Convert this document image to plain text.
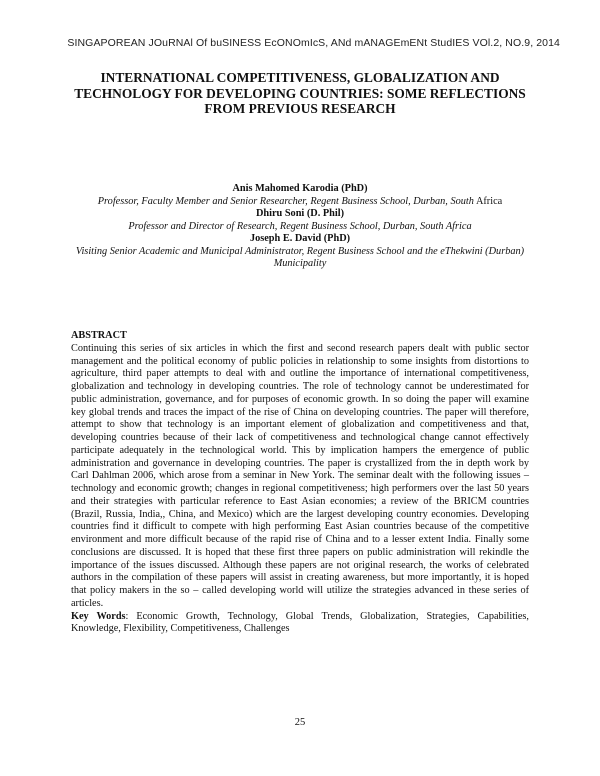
SINGAPOREAN JOuRNAl Of buSINESS EcONOmIcS, ANd mANAGEmENt StudIES VOl.2, NO.9, 2014
INTERNATIONAL COMPETITIVENESS, GLOBALIZATION AND TECHNOLOGY FOR DEVELOPING COUNTRIES: SOME REFLECTIONS FROM PREVIOUS RESEARCH
Anis Mahomed Karodia (PhD)
Professor, Faculty Member and Senior Researcher, Regent Business School, Durban, South Africa
Dhiru Soni (D. Phil)
Professor and Director of Research, Regent Business School, Durban, South Africa
Joseph E. David (PhD)
Visiting Senior Academic and Municipal Administrator, Regent Business School and the eThekwini (Durban) Municipality

ABSTRACT

Continuing this series of six articles in which the first and second research papers dealt with public sector management and the political economy of public policies in relationship to some insights from distortions to agriculture, third paper attempts to deal with and outline the importance of international competitiveness, globalization and technology in developing countries. The role of technology cannot be underestimated for public administration, governance, and for purposes of economic growth. In so doing the paper will examine key global trends and traces the impact of the rise of China on developing countries. The paper will therefore, attempt to show that technology is an important element of globalization and competitiveness and that, developing countries because of their lack of competitiveness and technological change cannot effectively participate adequately in the technological world. This by implication hampers the emergence of public administration and governance in developing countries. The paper is crystallized from the in depth work by Carl Dahlman 2006, which arose from a seminar in New York. The seminar dealt with the following issues – technology and economic growth; changes in regional competitiveness; high performers over the last 50 years and their strategies with particular reference to East Asian economies; a review of the BRICM countries (Brazil, Russia, India,, China, and Mexico) which are the largest developing country economies. Developing countries find it difficult to compete with high performing East Asian countries because of the competitive environment and more difficult because of the rapid rise of China and to a lesser extent India. Finally some conclusions are discussed. It is hoped that these first three papers on public administration will rekindle the importance of the issues discussed. Although these papers are not original research, the works of celebrated authors in the compilation of these papers will assist in creating awareness, but more importantly, it is hoped that policy makers in the so – called developing world will utilize the strategies advanced in these series of articles.

Key Words: Economic Growth, Technology, Global Trends, Globalization, Strategies, Capabilities, Knowledge, Flexibility, Competitiveness, Challenges

25
